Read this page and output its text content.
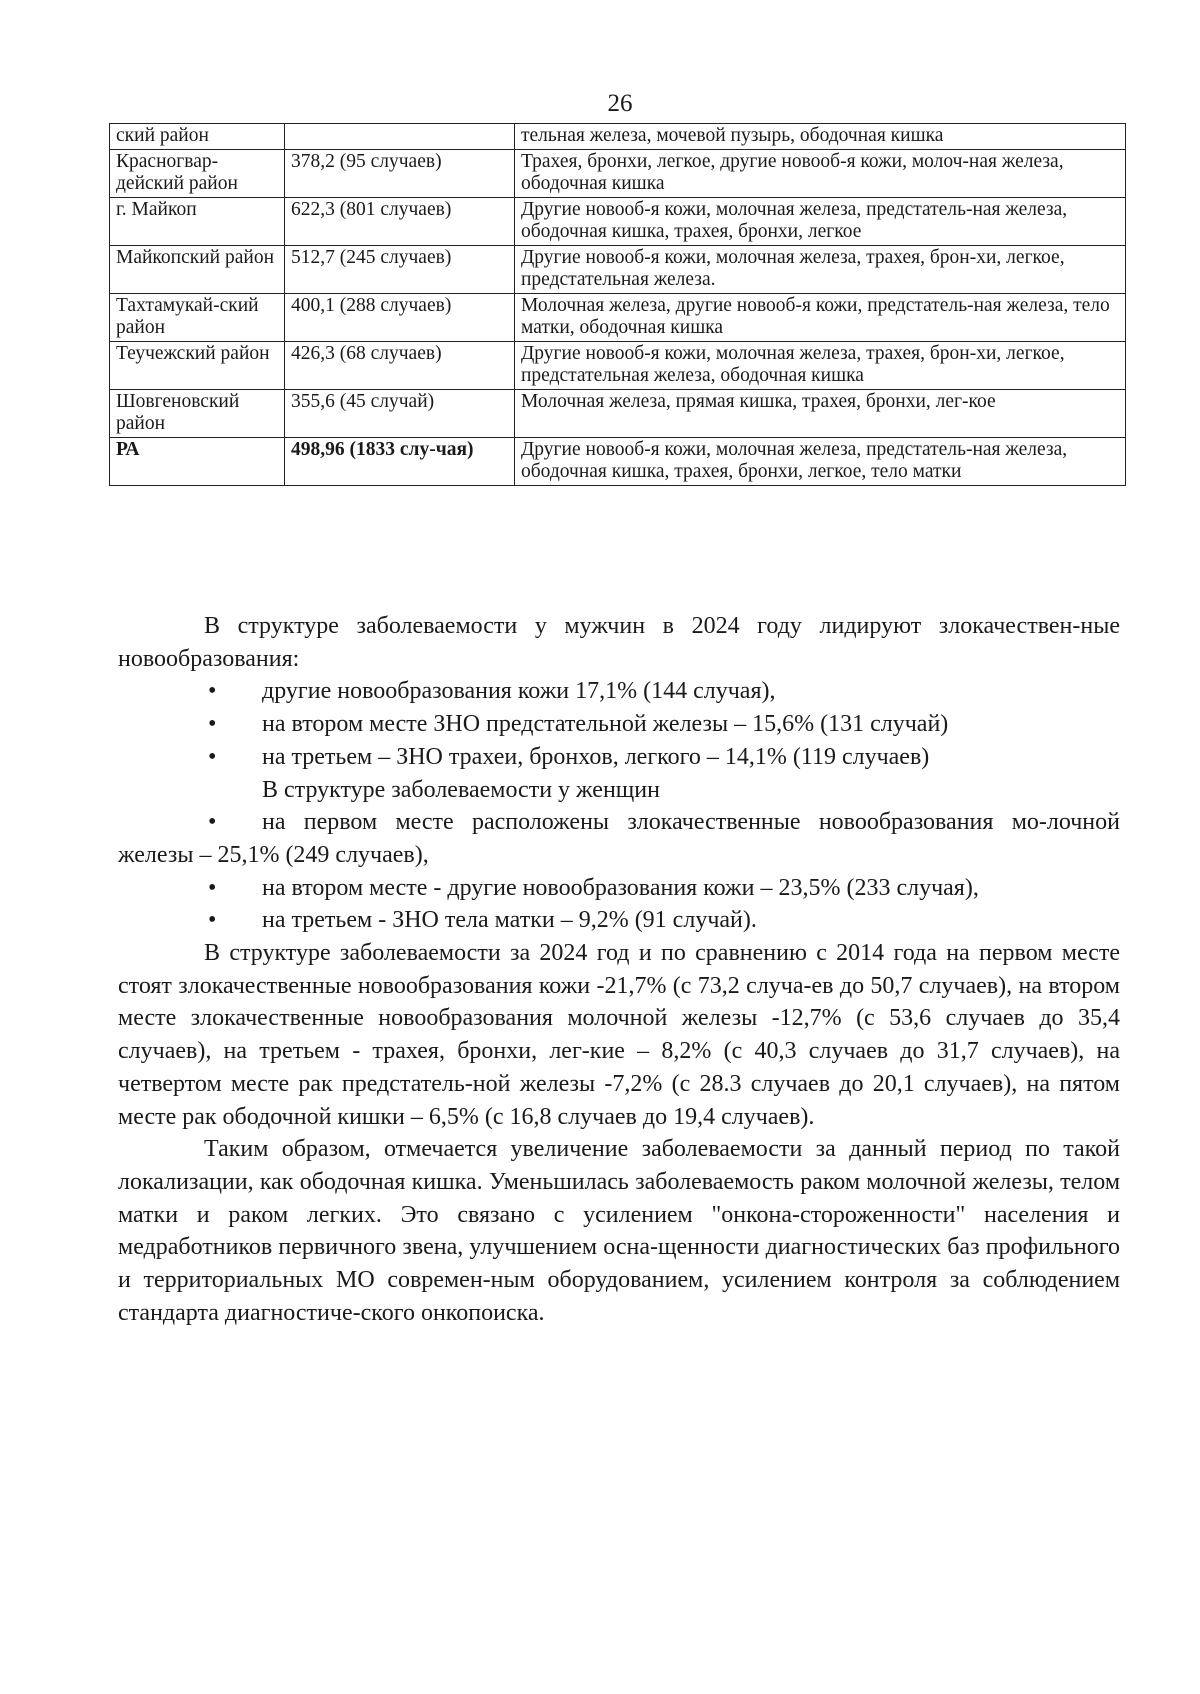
26
ский район		тельная железа, мочевой пузырь, ободочная кишка
Красногвар-дейский район	378,2 (95 случаев)	Трахея, бронхи, легкое, другие новооб-я кожи, молоч-ная железа, ободочная кишка
г. Майкоп	622,3 (801 случаев)	Другие новооб-я кожи, молочная железа, предстатель-ная железа, ободочная кишка, трахея, бронхи, легкое
Майкопский район	512,7 (245 случаев)	Другие новооб-я кожи, молочная железа, трахея, брон-хи, легкое, предстательная железа.
Тахтамукай-ский район	400,1 (288 случаев)	Молочная железа, другие новооб-я кожи, предстатель-ная железа, тело матки, ободочная кишка
Теучежский район	426,3 (68 случаев)	Другие новооб-я кожи, молочная железа, трахея, брон-хи, легкое, предстательная железа, ободочная кишка
Шовгеновский район	355,6 (45 случай)	Молочная железа, прямая кишка, трахея, бронхи, лег-кое
РА	498,96 (1833 слу-чая)	Другие новооб-я кожи, молочная железа, предстатель-ная железа, ободочная кишка, трахея, бронхи, легкое, тело матки

В структуре заболеваемости у мужчин в 2024 году лидируют злокачествен-ные новообразования:

• другие новообразования кожи 17,1% (144 случая),
• на втором месте ЗНО предстательной железы – 15,6% (131 случай)
• на третьем – ЗНО трахеи, бронхов, легкого – 14,1% (119 случаев)
В структуре заболеваемости у женщин
• на первом месте расположены злокачественные новообразования мо-лочной железы – 25,1% (249 случаев),
• на втором месте - другие новообразования кожи – 23,5% (233 случая),
• на третьем - ЗНО тела матки – 9,2% (91 случай).

В структуре заболеваемости за 2024 год и по сравнению с 2014 года на первом месте стоят злокачественные новообразования кожи -21,7% (с 73,2 случа-ев до 50,7 случаев), на втором месте злокачественные новообразования молочной железы -12,7% (с 53,6 случаев до 35,4 случаев), на третьем - трахея, бронхи, лег-кие – 8,2% (с 40,3 случаев до 31,7 случаев), на четвертом месте рак предстатель-ной железы -7,2% (с 28.3 случаев до 20,1 случаев), на пятом месте рак ободочной кишки – 6,5% (с 16,8 случаев до 19,4 случаев).

Таким образом, отмечается увеличение заболеваемости за данный период по такой локализации, как ободочная кишка. Уменьшилась заболеваемость раком молочной железы, телом матки и раком легких. Это связано с усилением "онкона-стороженности" населения и медработников первичного звена, улучшением осна-щенности диагностических баз профильного и территориальных МО современ-ным оборудованием, усилением контроля за соблюдением стандарта диагностиче-ского онкопоиска.
